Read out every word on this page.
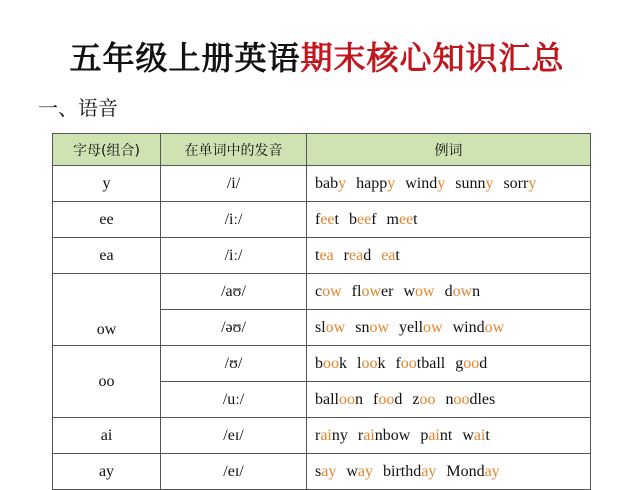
五年级上册英语期末核心知识汇总
一、语音
字母(组合)	在单词中的发音	例词
y	/i/	baby happy windy sunny sorry
ee	/iː/	feet beef meet
ea	/iː/	tea read eat
ow	/aʊ/	cow flower wow down
	/əʊ/	slow snow yellow window
oo	/ʊ/	book look football good
	/uː/	balloon food zoo noodles
ai	/eɪ/	rainy rainbow paint wait
ay	/eɪ/	say way birthday Monday
